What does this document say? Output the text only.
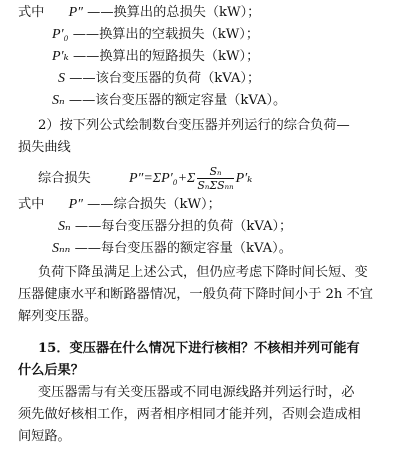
式中 P″ ——换算出的总损失（kW）；
P′₀ ——换算出的空载损失（kW）；
P′ₖ ——换算出的短路损失（kW）；
S ——该台变压器的负荷（kVA）；
Sₙ ——该台变压器的额定容量（kVA）。
2）按下列公式绘制数台变压器并列运行的综合负荷—
损失曲线
综合损失	$P''=\Sigma P'_0+\Sigma \frac{\text{Sₙ}}{\text{SₙΣSₙₙ}} P'_k$
式中 P″ ——综合损失（kW）；
Sₙ ——每台变压器分担的负荷（kVA）；
Sₙₙ ——每台变压器的额定容量（kVA）。
负荷下降虽满足上述公式，但仍应考虑下降时间长短、变
压器健康水平和断路器情况，一般负荷下降时间小于 2h 不宜
解列变压器。
15．变压器在什么情况下进行核相？不核相并列可能有
什么后果？
变压器需与有关变压器或不同电源线路并列运行时，必
须先做好核相工作，两者相序相同才能并列，否则会造成相
间短路。
